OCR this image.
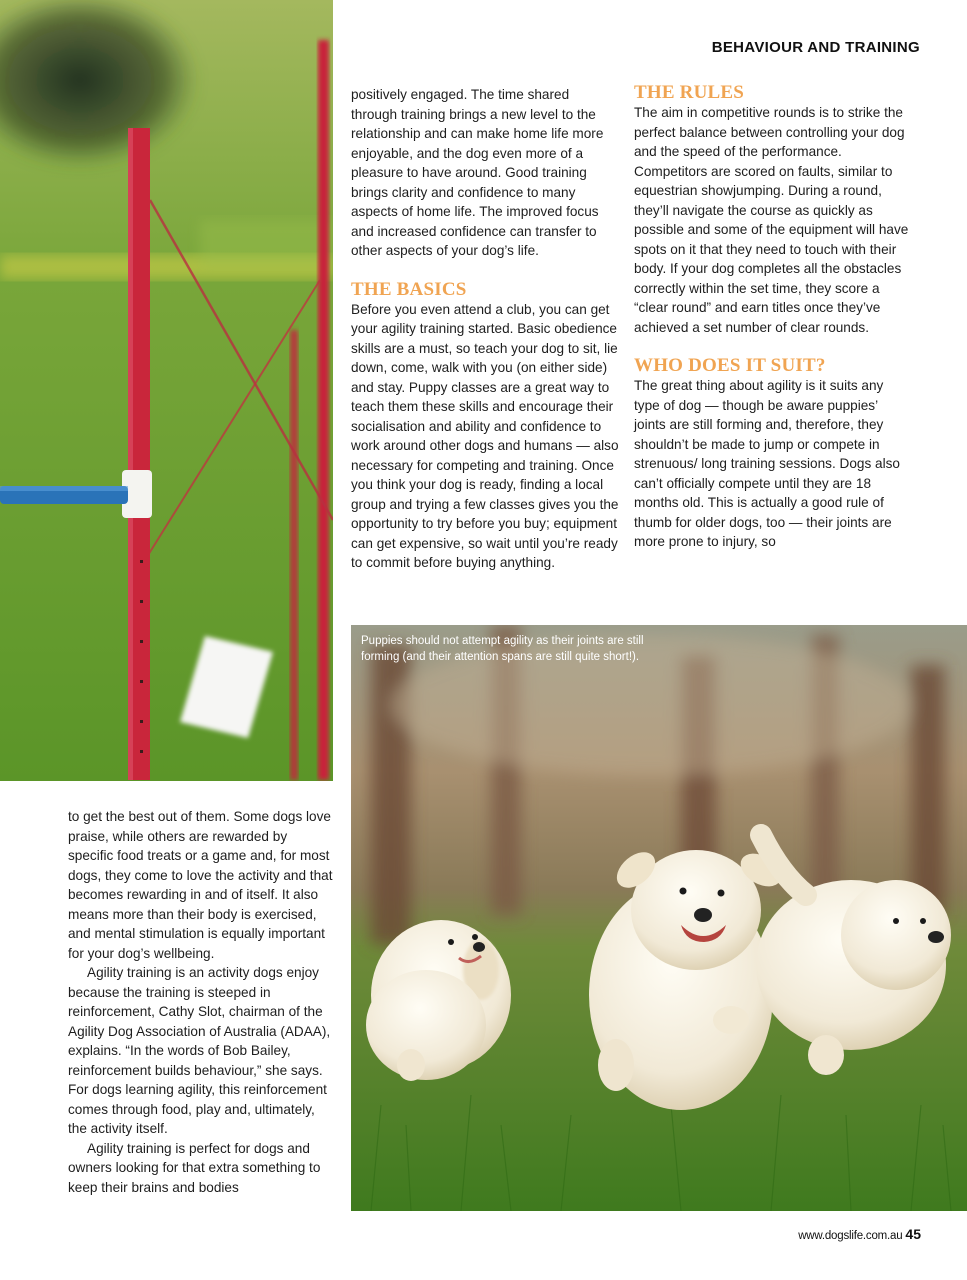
BEHAVIOUR AND TRAINING

positively engaged. The time shared through training brings a new level to the relationship and can make home life more enjoyable, and the dog even more of a pleasure to have around. Good training brings clarity and confidence to many aspects of home life. The improved focus and increased confidence can transfer to other aspects of your dog’s life.

THE BASICS

Before you even attend a club, you can get your agility training started. Basic obedience skills are a must, so teach your dog to sit, lie down, come, walk with you (on either side) and stay. Puppy classes are a great way to teach them these skills and encourage their socialisation and ability and confidence to work around other dogs and humans — also necessary for competing and training. Once you think your dog is ready, finding a local group and trying a few classes gives you the opportunity to try before you buy; equipment can get expensive, so wait until you’re ready to commit before buying anything.

THE RULES

The aim in competitive rounds is to strike the perfect balance between controlling your dog and the speed of the performance. Competitors are scored on faults, similar to equestrian showjumping. During a round, they’ll navigate the course as quickly as possible and some of the equipment will have spots on it that they need to touch with their body. If your dog completes all the obstacles correctly within the set time, they score a “clear round” and earn titles once they’ve achieved a set number of clear rounds.

WHO DOES IT SUIT?

The great thing about agility is it suits any type of dog — though be aware puppies’ joints are still forming and, therefore, they shouldn’t be made to jump or compete in strenuous/ long training sessions. Dogs also can’t officially compete until they are 18 months old. This is actually a good rule of thumb for older dogs, too — their joints are more prone to injury, so

Puppies should not attempt agility as their joints are still forming (and their attention spans are still quite short!).

to get the best out of them. Some dogs love praise, while others are rewarded by specific food treats or a game and, for most dogs, they come to love the activity and that becomes rewarding in and of itself. It also means more than their body is exercised, and mental stimulation is equally important for your dog’s wellbeing.

Agility training is an activity dogs enjoy because the training is steeped in reinforcement, Cathy Slot, chairman of the Agility Dog Association of Australia (ADAA), explains. “In the words of Bob Bailey, reinforcement builds behaviour,” she says. For dogs learning agility, this reinforcement comes through food, play and, ultimately, the activity itself.

Agility training is perfect for dogs and owners looking for that extra something to keep their brains and bodies

www.dogslife.com.au 45
